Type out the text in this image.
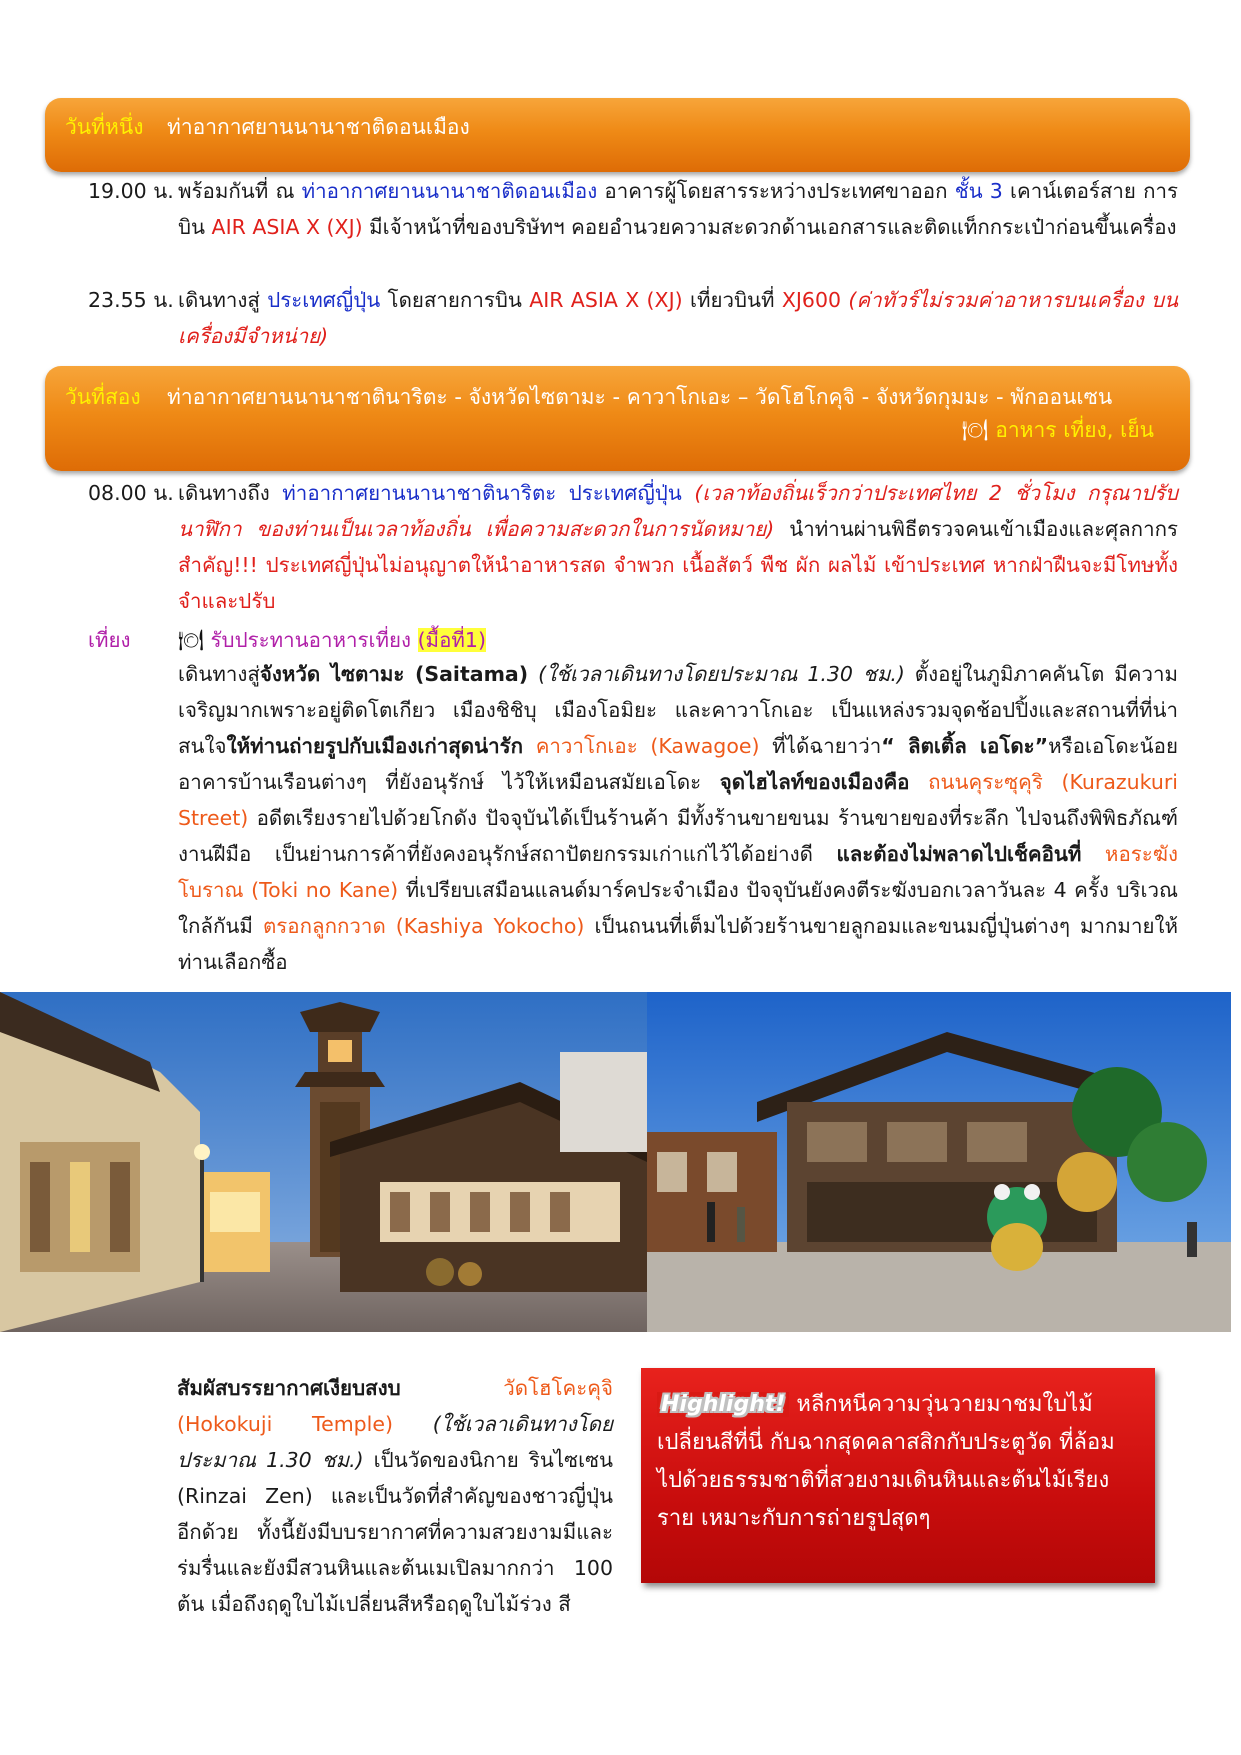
วันที่หนึ่ง ท่าอากาศยานนานาชาติดอนเมือง
19.00 น. พร้อมกันที่ ณ ท่าอากาศยานนานาชาติดอนเมือง อาคารผู้โดยสารระหว่างประเทศขาออก ชั้น 3 เคาน์เตอร์สาย การบิน AIR ASIA X (XJ) มีเจ้าหน้าที่ของบริษัทฯ คอยอำนวยความสะดวกด้านเอกสารและติดแท็กกระเป๋าก่อนขึ้นเครื่อง
23.55 น. เดินทางสู่ ประเทศญี่ปุ่น โดยสายการบิน AIR ASIA X (XJ) เที่ยวบินที่ XJ600 (ค่าทัวร์ไม่รวมค่าอาหารบนเครื่อง บนเครื่องมีจำหน่าย)
วันที่สอง ท่าอากาศยานนานาชาตินาริตะ - จังหวัดไซตามะ - คาวาโกเอะ – วัดโฮโกคุจิ - จังหวัดกุมมะ - พักออนเซน
🍽 อาหาร เที่ยง, เย็น
08.00 น. เดินทางถึง ท่าอากาศยานนานาชาตินาริตะ ประเทศญี่ปุ่น (เวลาท้องถิ่นเร็วกว่าประเทศไทย 2 ชั่วโมง กรุณาปรับนาฬิกา ของท่านเป็นเวลาท้องถิ่น เพื่อความสะดวกในการนัดหมาย) นำท่านผ่านพิธีตรวจคนเข้าเมืองและศุลกากร สำคัญ!!! ประเทศญี่ปุ่นไม่อนุญาตให้นำอาหารสด จำพวก เนื้อสัตว์ พืช ผัก ผลไม้ เข้าประเทศ หากฝ่าฝืนจะมีโทษทั้งจำและปรับ
เที่ยง	🍽 รับประทานอาหารเที่ยง (มื้อที่1)
เดินทางสู่จังหวัด ไซตามะ (Saitama) (ใช้เวลาเดินทางโดยประมาณ 1.30 ชม.) ตั้งอยู่ในภูมิภาคคันโต มีความเจริญมากเพราะอยู่ติดโตเกียว เมืองชิชิบุ เมืองโอมิยะ และคาวาโกเอะ เป็นแหล่งรวมจุดช้อปปิ้งและสถานที่ที่น่าสนใจให้ท่านถ่ายรูปกับเมืองเก่าสุดน่ารัก คาวาโกเอะ (Kawagoe) ที่ได้ฉายาว่า“ ลิตเติ้ล เอโดะ”หรือเอโดะน้อย อาคารบ้านเรือนต่างๆ ที่ยังอนุรักษ์ ไว้ให้เหมือนสมัยเอโดะ จุดไฮไลท์ของเมืองคือ ถนนคุระซุคุริ (Kurazukuri Street) อดีตเรียงรายไปด้วยโกดัง ปัจจุบันได้เป็นร้านค้า มีทั้งร้านขายขนม ร้านขายของที่ระลึก ไปจนถึงพิพิธภัณฑ์ งานฝีมือ เป็นย่านการค้าที่ยังคงอนุรักษ์สถาปัตยกรรมเก่าแก่ไว้ได้อย่างดี และต้องไม่พลาดไปเช็คอินที่ หอระฆังโบราณ (Toki no Kane) ที่เปรียบเสมือนแลนด์มาร์คประจำเมือง ปัจจุบันยังคงตีระฆังบอกเวลาวันละ 4 ครั้ง บริเวณใกล้กันมี ตรอกลูกกวาด (Kashiya Yokocho) เป็นถนนที่เต็มไปด้วยร้านขายลูกอมและขนมญี่ปุ่นต่างๆ มากมายให้ท่านเลือกซื้อ
สัมผัสบรรยากาศเงียบสงบ วัดโฮโคะคุจิ (Hokokuji Temple) (ใช้เวลาเดินทางโดยประมาณ 1.30 ชม.) เป็นวัดของนิกาย รินไซเซน (Rinzai Zen) และเป็นวัดที่สำคัญของชาวญี่ปุ่นอีกด้วย ทั้งนี้ยังมีบบรยากาศที่ความสวยงามมีและร่มรื่นและยังมีสวนหินและต้นเมเปิลมากกว่า 100 ต้น เมื่อถึงฤดูใบไม้เปลี่ยนสีหรือฤดูใบไม้ร่วง สี
Highlight! หลีกหนีความวุ่นวายมาชมใบไม้เปลี่ยนสีที่นี่ กับฉากสุดคลาสสิกกับประตูวัด ที่ล้อมไปด้วยธรรมชาติที่สวยงามเดินหินและต้นไม้เรียงราย เหมาะกับการถ่ายรูปสุดๆ
